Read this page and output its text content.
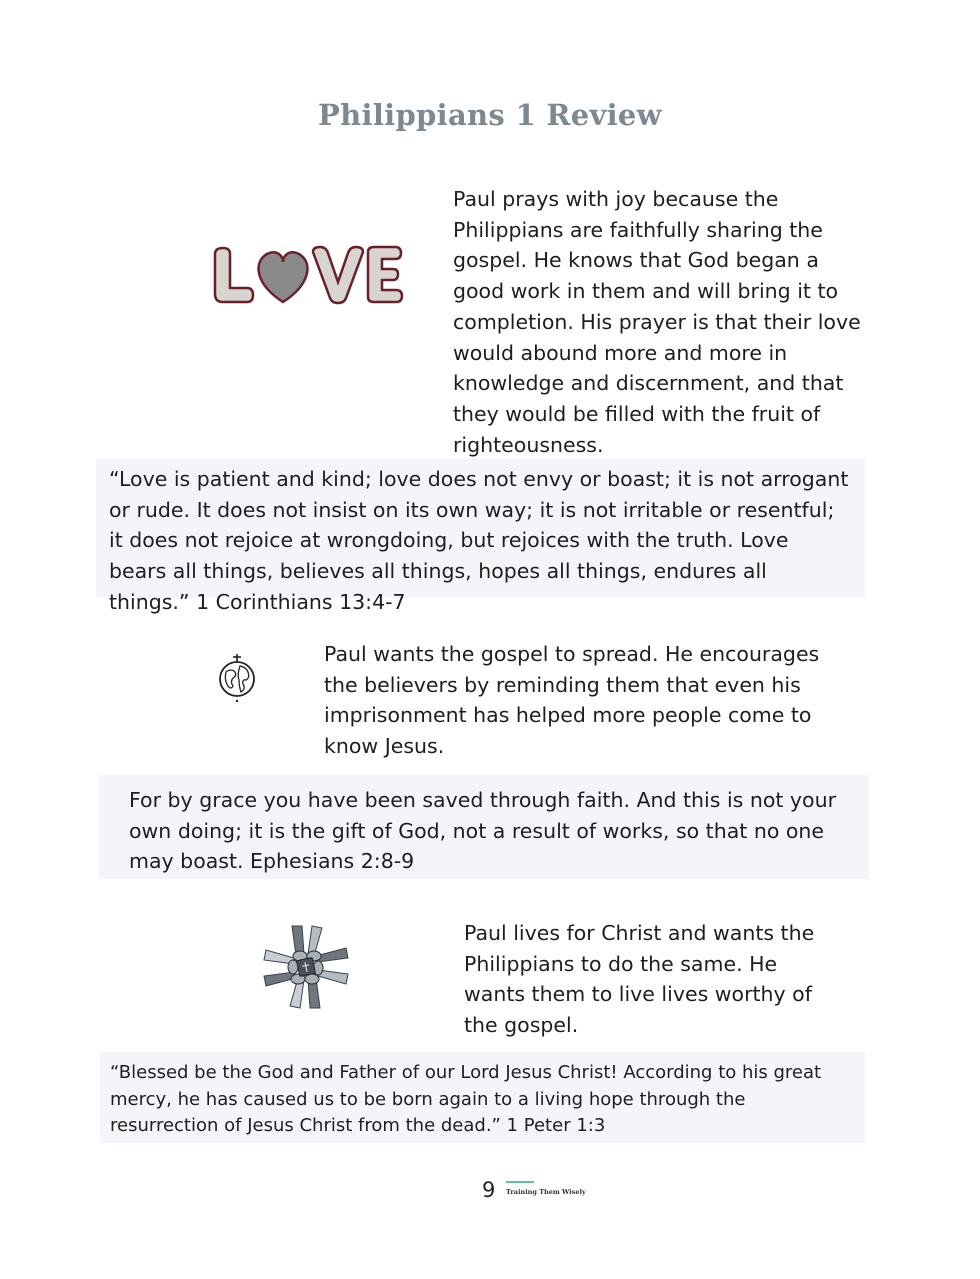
Philippians 1 Review
Paul prays with joy because the Philippians are faithfully sharing the gospel. He knows that God began a good work in them and will bring it to completion. His prayer is that their love would abound more and more in knowledge and discernment, and that they would be filled with the fruit of righteousness.
“Love is patient and kind; love does not envy or boast; it is not arrogant or rude. It does not insist on its own way; it is not irritable or resentful; it does not rejoice at wrongdoing, but rejoices with the truth. Love bears all things, believes all things, hopes all things, endures all things.” 1 Corinthians 13:4-7
Paul wants the gospel to spread. He encourages the believers by reminding them that even his imprisonment has helped more people come to know Jesus.
For by grace you have been saved through faith. And this is not your own doing; it is the gift of God, not a result of works, so that no one may boast. Ephesians 2:8-9
Paul lives for Christ and wants the Philippians to do the same. He wants them to live lives worthy of the gospel.
“Blessed be the God and Father of our Lord Jesus Christ! According to his great mercy, he has caused us to be born again to a living hope through the resurrection of Jesus Christ from the dead.” 1 Peter 1:3
9 Training Them Wisely
